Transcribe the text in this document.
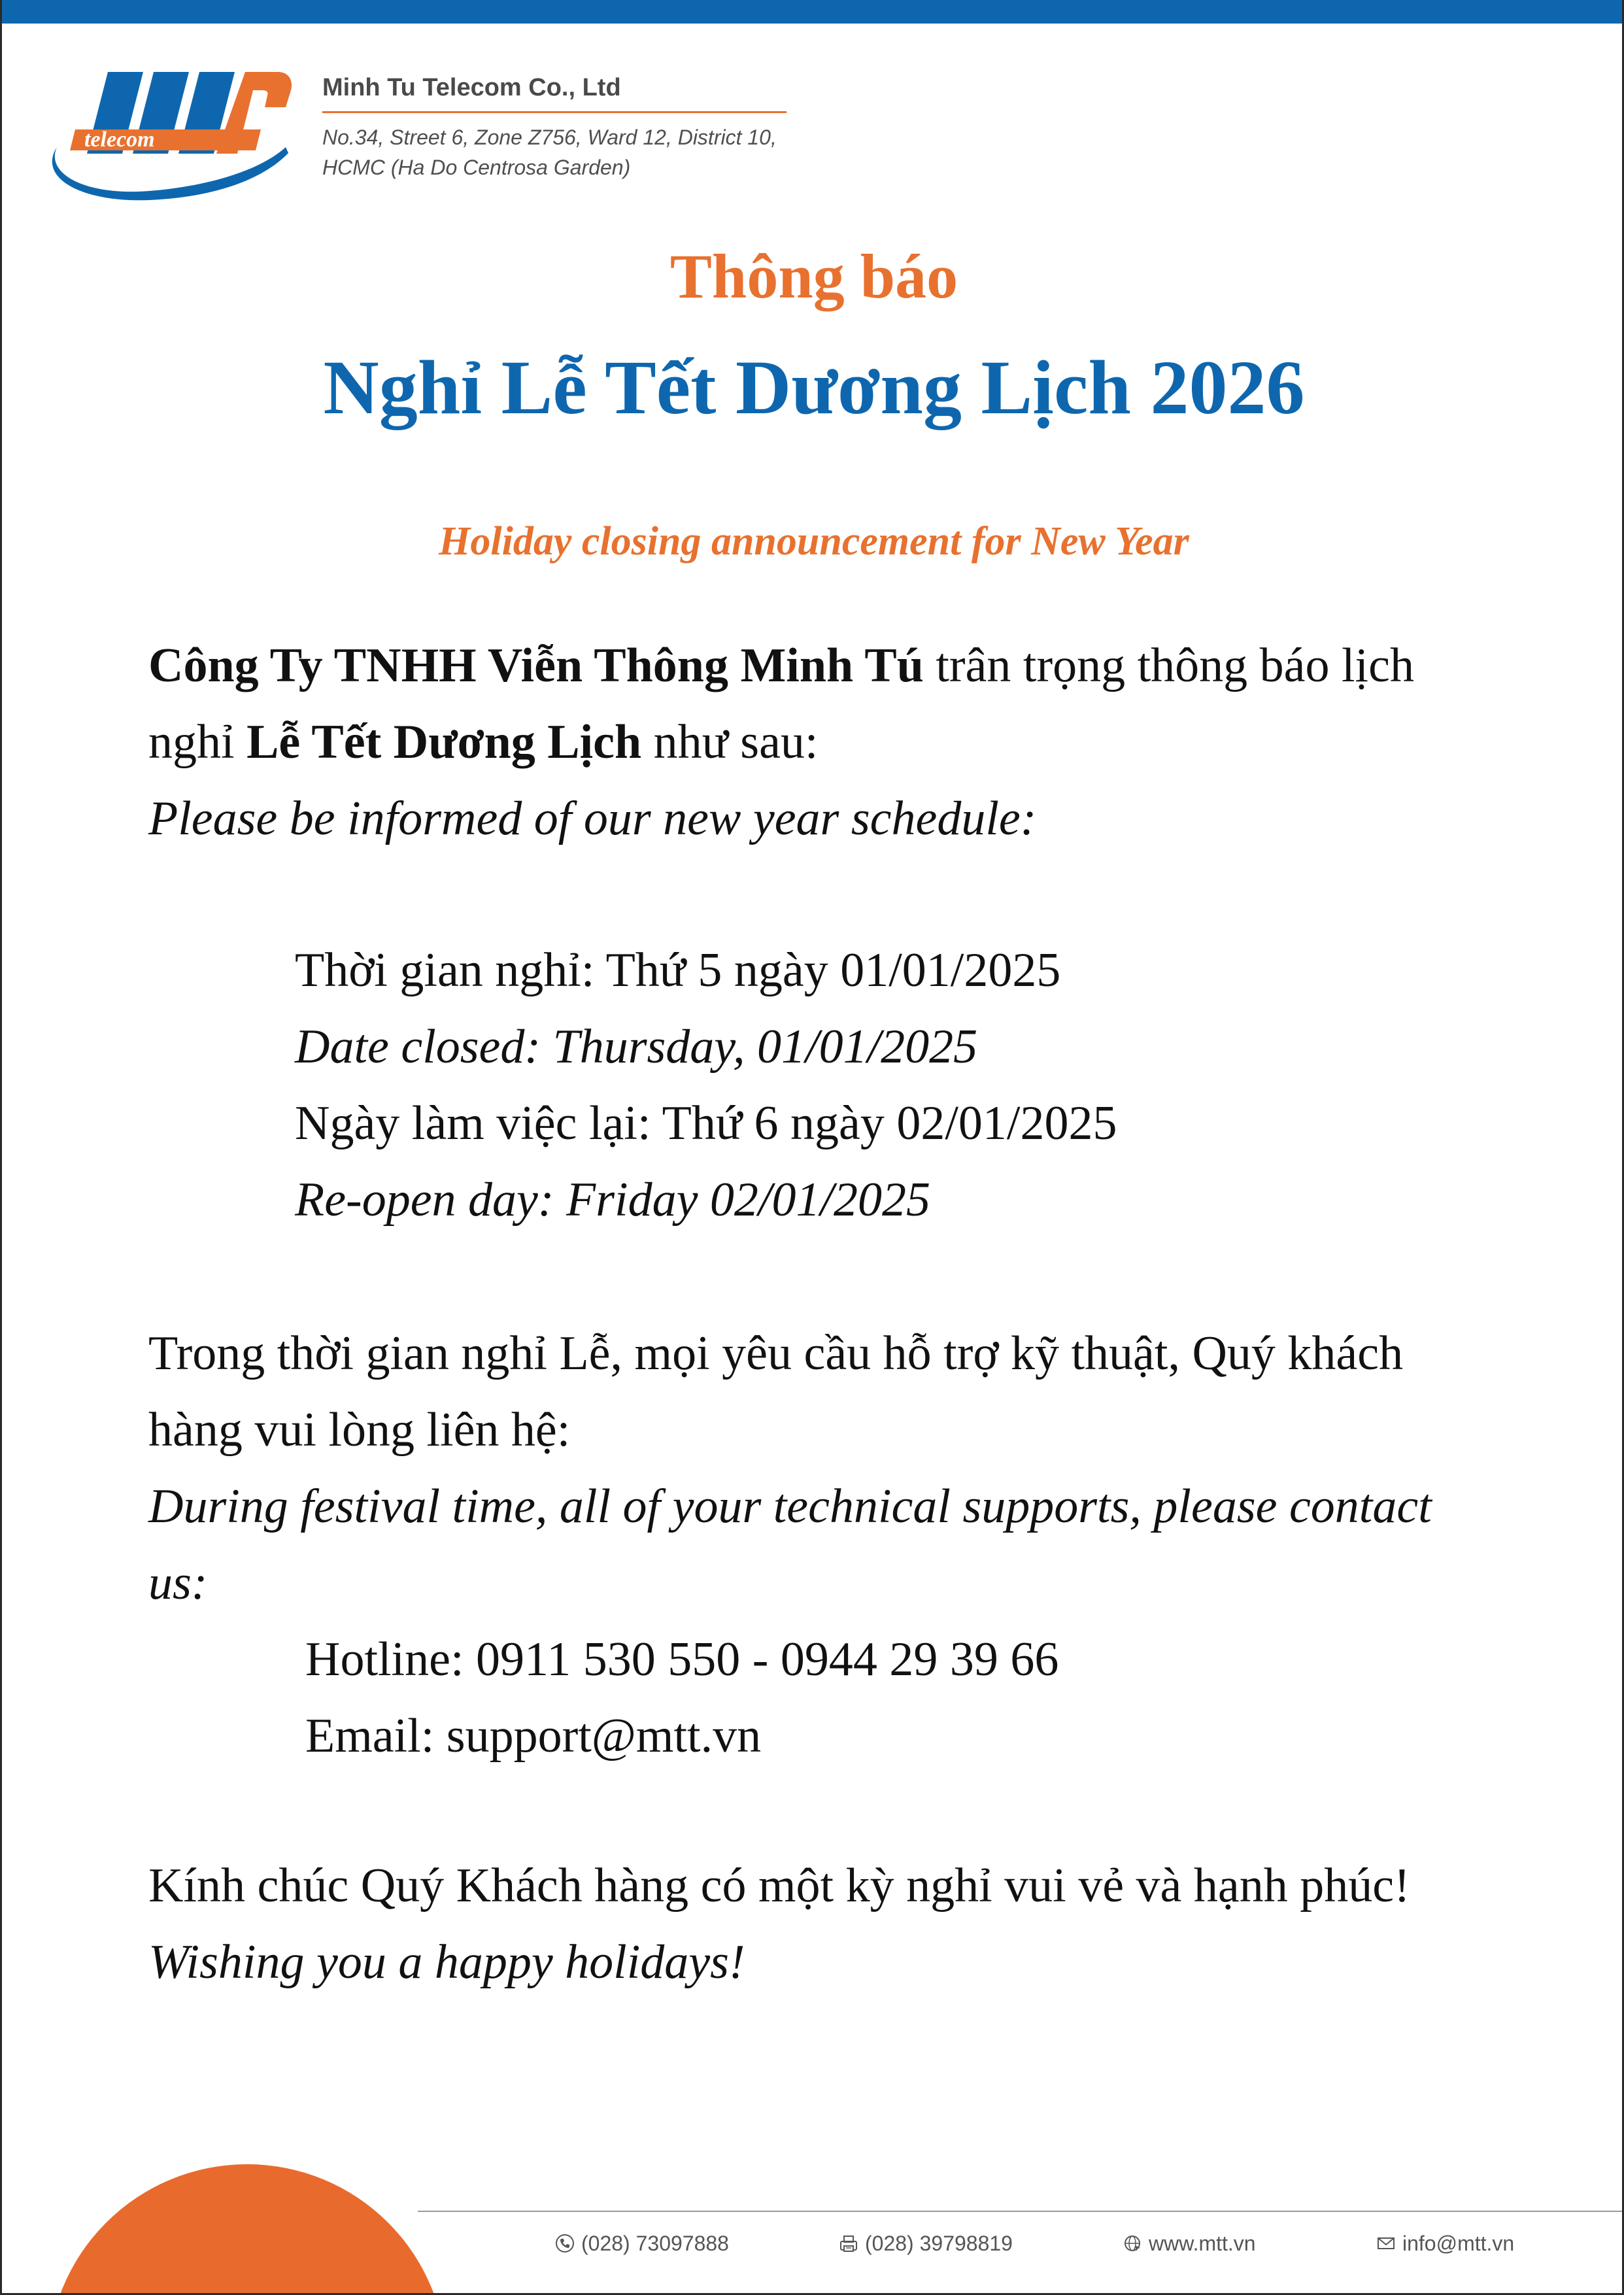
telecom
Minh Tu Telecom Co., Ltd
No.34, Street 6, Zone Z756, Ward 12, District 10,
HCMC (Ha Do Centrosa Garden)
Thông báo
Nghỉ Lễ Tết Dương Lịch 2026
Holiday closing announcement for New Year

Công Ty TNHH Viễn Thông Minh Tú trân trọng thông báo lịch nghỉ Lễ Tết Dương Lịch như sau:

Please be informed of our new year schedule:

Thời gian nghỉ: Thứ 5 ngày 01/01/2025

Date closed: Thursday, 01/01/2025

Ngày làm việc lại: Thứ 6 ngày 02/01/2025

Re-open day: Friday 02/01/2025

Trong thời gian nghỉ Lễ, mọi yêu cầu hỗ trợ kỹ thuật, Quý khách hàng vui lòng liên hệ:

During festival time, all of your technical supports, please contact us:

Hotline: 0911 530 550 - 0944 29 39 66

Email: support@mtt.vn

Kính chúc Quý Khách hàng có một kỳ nghỉ vui vẻ và hạnh phúc!

Wishing you a happy holidays!

(028) 73097888	(028) 39798819	www.mtt.vn	info@mtt.vn
